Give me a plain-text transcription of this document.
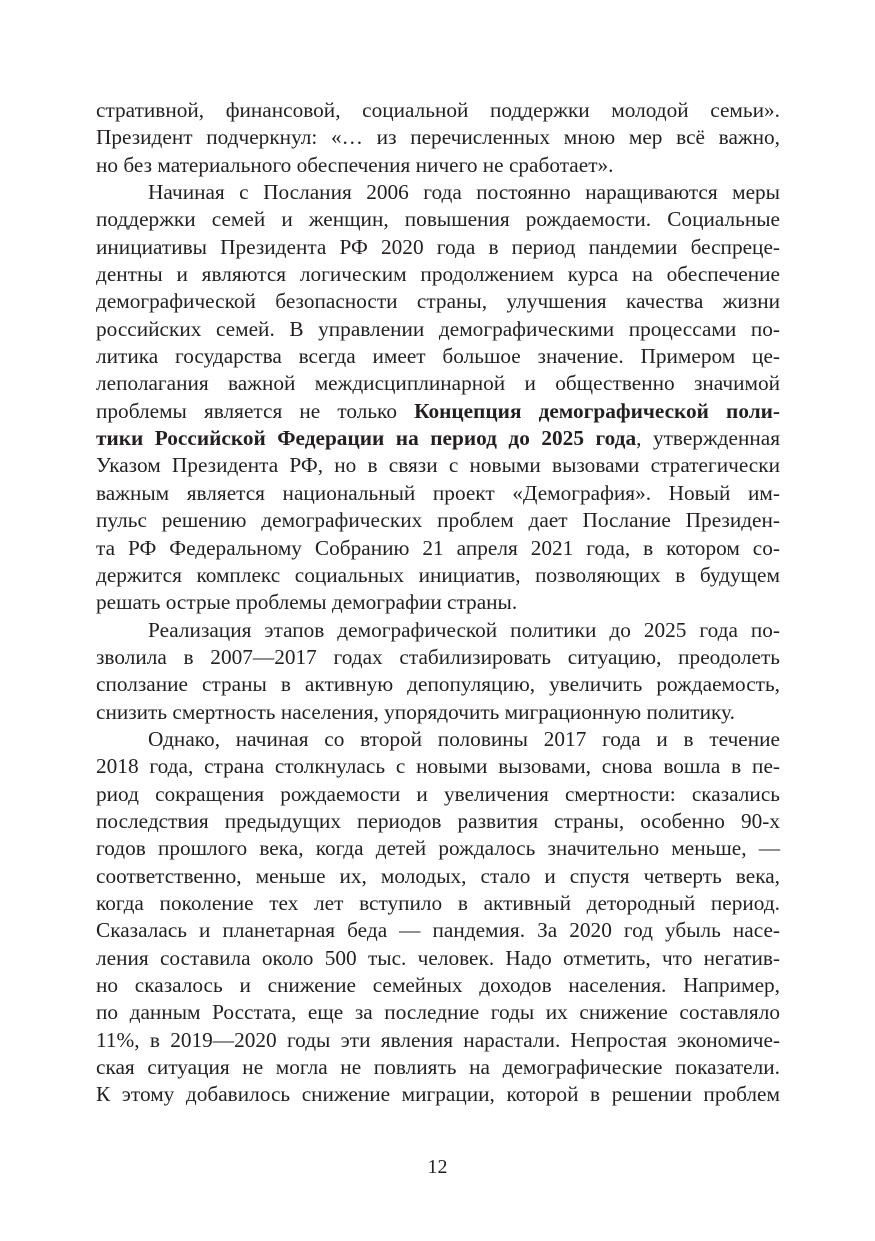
стративной, финансовой, социальной поддержки молодой семьи».
Президент подчеркнул: «… из перечисленных мною мер всё важно,
но без материального обеспечения ничего не сработает».
Начиная с Послания 2006 года постоянно наращиваются меры
поддержки семей и женщин, повышения рождаемости. Социальные
инициативы Президента РФ 2020 года в период пандемии беспреце-
дентны и являются логическим продолжением курса на обеспечение
демографической безопасности страны, улучшения качества жизни
российских семей. В управлении демографическими процессами по-
литика государства всегда имеет большое значение. Примером це-
леполагания важной междисциплинарной и общественно значимой
проблемы является не только Концепция демографической поли-
тики Российской Федерации на период до 2025 года, утвержденная
Указом Президента РФ, но в связи с новыми вызовами стратегически
важным является национальный проект «Демография». Новый им-
пульс решению демографических проблем дает Послание Президен-
та РФ Федеральному Собранию 21 апреля 2021 года, в котором со-
держится комплекс социальных инициатив, позволяющих в будущем
решать острые проблемы демографии страны.
Реализация этапов демографической политики до 2025 года по-
зволила в 2007—2017 годах стабилизировать ситуацию, преодолеть
сползание страны в активную депопуляцию, увеличить рождаемость,
снизить смертность населения, упорядочить миграционную политику.
Однако, начиная со второй половины 2017 года и в течение
2018 года, страна столкнулась с новыми вызовами, снова вошла в пе-
риод сокращения рождаемости и увеличения смертности: сказались
последствия предыдущих периодов развития страны, особенно 90-х
годов прошлого века, когда детей рождалось значительно меньше, —
соответственно, меньше их, молодых, стало и спустя четверть века,
когда поколение тех лет вступило в активный детородный период.
Сказалась и планетарная беда — пандемия. За 2020 год убыль насе-
ления составила около 500 тыс. человек. Надо отметить, что негатив-
но сказалось и снижение семейных доходов населения. Например,
по данным Росстата, еще за последние годы их снижение составляло
11%, в 2019—2020 годы эти явления нарастали. Непростая экономиче-
ская ситуация не могла не повлиять на демографические показатели.
К этому добавилось снижение миграции, которой в решении проблем
12
